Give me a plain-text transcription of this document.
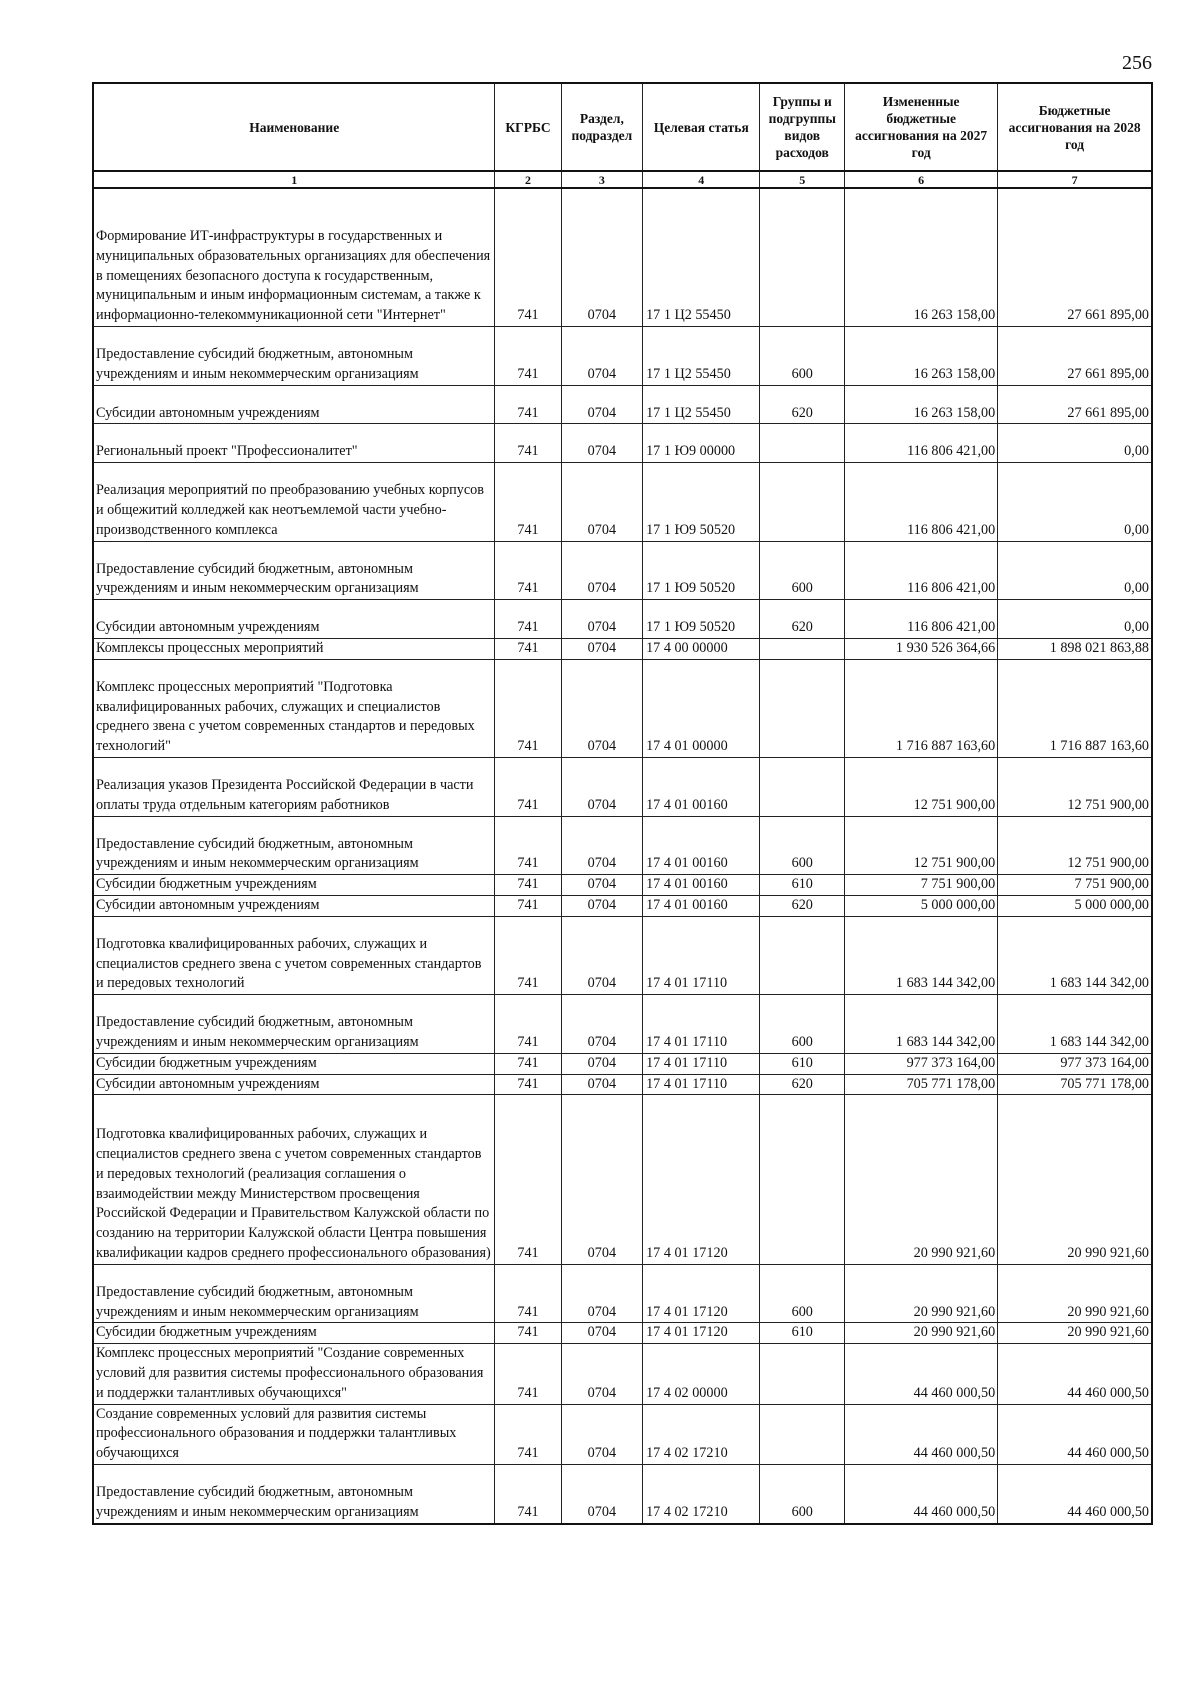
256
Наименование	КГРБС	Раздел, подраздел	Целевая статья	Группы и подгруппы видов расходов	Измененные бюджетные ассигнования на 2027 год	Бюджетные ассигнования на 2028 год
1	2	3	4	5	6	7
Формирование ИТ-инфраструктуры в государственных и муниципальных образовательных организациях для обеспечения в помещениях безопасного доступа к государственным, муниципальным и иным информационным системам, а также к информационно-телекоммуникационной сети "Интернет"	741	0704	17 1 Ц2 55450		16 263 158,00	27 661 895,00
Предоставление субсидий бюджетным, автономным учреждениям и иным некоммерческим организациям	741	0704	17 1 Ц2 55450	600	16 263 158,00	27 661 895,00
Субсидии автономным учреждениям	741	0704	17 1 Ц2 55450	620	16 263 158,00	27 661 895,00
Региональный проект "Профессионалитет"	741	0704	17 1 Ю9 00000		116 806 421,00	0,00
Реализация мероприятий по преобразованию учебных корпусов и общежитий колледжей как неотъемлемой части учебно-производственного комплекса	741	0704	17 1 Ю9 50520		116 806 421,00	0,00
Предоставление субсидий бюджетным, автономным учреждениям и иным некоммерческим организациям	741	0704	17 1 Ю9 50520	600	116 806 421,00	0,00
Субсидии автономным учреждениям	741	0704	17 1 Ю9 50520	620	116 806 421,00	0,00
Комплексы процессных мероприятий	741	0704	17 4 00 00000		1 930 526 364,66	1 898 021 863,88
Комплекс процессных мероприятий "Подготовка квалифицированных рабочих, служащих и специалистов среднего звена с учетом современных стандартов и передовых технологий"	741	0704	17 4 01 00000		1 716 887 163,60	1 716 887 163,60
Реализация указов Президента Российской Федерации в части оплаты труда отдельным категориям работников	741	0704	17 4 01 00160		12 751 900,00	12 751 900,00
Предоставление субсидий бюджетным, автономным учреждениям и иным некоммерческим организациям	741	0704	17 4 01 00160	600	12 751 900,00	12 751 900,00
Субсидии бюджетным учреждениям	741	0704	17 4 01 00160	610	7 751 900,00	7 751 900,00
Субсидии автономным учреждениям	741	0704	17 4 01 00160	620	5 000 000,00	5 000 000,00
Подготовка квалифицированных рабочих, служащих и специалистов среднего звена с учетом современных стандартов и передовых технологий	741	0704	17 4 01 17110		1 683 144 342,00	1 683 144 342,00
Предоставление субсидий бюджетным, автономным учреждениям и иным некоммерческим организациям	741	0704	17 4 01 17110	600	1 683 144 342,00	1 683 144 342,00
Субсидии бюджетным учреждениям	741	0704	17 4 01 17110	610	977 373 164,00	977 373 164,00
Субсидии автономным учреждениям	741	0704	17 4 01 17110	620	705 771 178,00	705 771 178,00
Подготовка квалифицированных рабочих, служащих и специалистов среднего звена с учетом современных стандартов и передовых технологий (реализация соглашения о взаимодействии между Министерством просвещения Российской Федерации и Правительством Калужской области по созданию на территории Калужской области Центра повышения квалификации кадров среднего профессионального образования)	741	0704	17 4 01 17120		20 990 921,60	20 990 921,60
Предоставление субсидий бюджетным, автономным учреждениям и иным некоммерческим организациям	741	0704	17 4 01 17120	600	20 990 921,60	20 990 921,60
Субсидии бюджетным учреждениям	741	0704	17 4 01 17120	610	20 990 921,60	20 990 921,60
Комплекс процессных мероприятий "Создание современных условий для развития системы профессионального образования и поддержки талантливых обучающихся"	741	0704	17 4 02 00000		44 460 000,50	44 460 000,50
Создание современных условий для развития системы профессионального образования и поддержки талантливых обучающихся	741	0704	17 4 02 17210		44 460 000,50	44 460 000,50
Предоставление субсидий бюджетным, автономным учреждениям и иным некоммерческим организациям	741	0704	17 4 02 17210	600	44 460 000,50	44 460 000,50
